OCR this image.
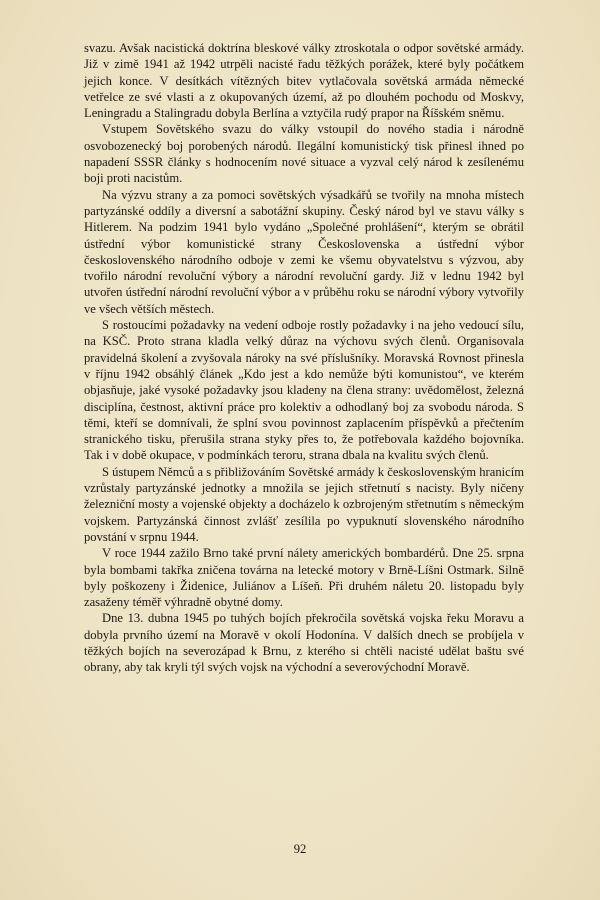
svazu. Avšak nacistická doktrína bleskové války ztroskotala o odpor sovětské armády. Již v zimě 1941 až 1942 utrpěli nacisté řadu těžkých porážek, které byly počátkem jejich konce. V desítkách vítězných bitev vytlačovala sovětská armáda německé vetřelce ze své vlasti a z okupovaných území, až po dlouhém pochodu od Moskvy, Leningradu a Stalingradu dobyla Berlína a vztyčila rudý prapor na Říšském sněmu.

Vstupem Sovětského svazu do války vstoupil do nového stadia i národně osvobozenecký boj porobených národů. Ilegální komunistický tisk přinesl ihned po napadení SSSR články s hodnocením nové situace a vyzval celý národ k zesílenému boji proti nacistům.

Na výzvu strany a za pomoci sovětských výsadkářů se tvořily na mnoha místech partyzánské oddíly a diversní a sabotážní skupiny. Český národ byl ve stavu války s Hitlerem. Na podzim 1941 bylo vydáno „Společné prohlášení“, kterým se obrátil ústřední výbor komunistické strany Československa a ústřední výbor československého národního odboje v zemi ke všemu obyvatelstvu s výzvou, aby tvořilo národní revoluční výbory a národní revoluční gardy. Již v lednu 1942 byl utvořen ústřední národní revoluční výbor a v průběhu roku se národní výbory vytvořily ve všech větších městech.

S rostoucími požadavky na vedení odboje rostly požadavky i na jeho vedoucí sílu, na KSČ. Proto strana kladla velký důraz na výchovu svých členů. Organisovala pravidelná školení a zvyšovala nároky na své příslušníky. Moravská Rovnost přinesla v říjnu 1942 obsáhlý článek „Kdo jest a kdo nemůže býti komunistou“, ve kterém objasňuje, jaké vysoké požadavky jsou kladeny na člena strany: uvědomělost, železná disciplína, čestnost, aktivní práce pro kolektiv a odhodlaný boj za svobodu národa. S těmi, kteří se domnívali, že splní svou povinnost zaplacením příspěvků a přečtením stranického tisku, přerušila strana styky přes to, že potřebovala každého bojovníka. Tak i v době okupace, v podmínkách teroru, strana dbala na kvalitu svých členů.

S ústupem Němců a s přibližováním Sovětské armády k československým hranicím vzrůstaly partyzánské jednotky a množila se jejich střetnutí s nacisty. Byly ničeny železniční mosty a vojenské objekty a docházelo k ozbrojeným střetnutím s německým vojskem. Partyzánská činnost zvlášť zesílila po vypuknutí slovenského národního povstání v srpnu 1944.

V roce 1944 zažilo Brno také první nálety amerických bombardérů. Dne 25. srpna byla bombami takřka zničena továrna na letecké motory v Brně-Líšni Ostmark. Silně byly poškozeny i Židenice, Juliánov a Líšeň. Při druhém náletu 20. listopadu byly zasaženy téměř výhradně obytné domy.

Dne 13. dubna 1945 po tuhých bojích překročila sovětská vojska řeku Moravu a dobyla prvního území na Moravě v okolí Hodonína. V dalších dnech se probíjela v těžkých bojích na severozápad k Brnu, z kterého si chtěli nacisté udělat baštu své obrany, aby tak kryli týl svých vojsk na východní a severovýchodní Moravě.

92
